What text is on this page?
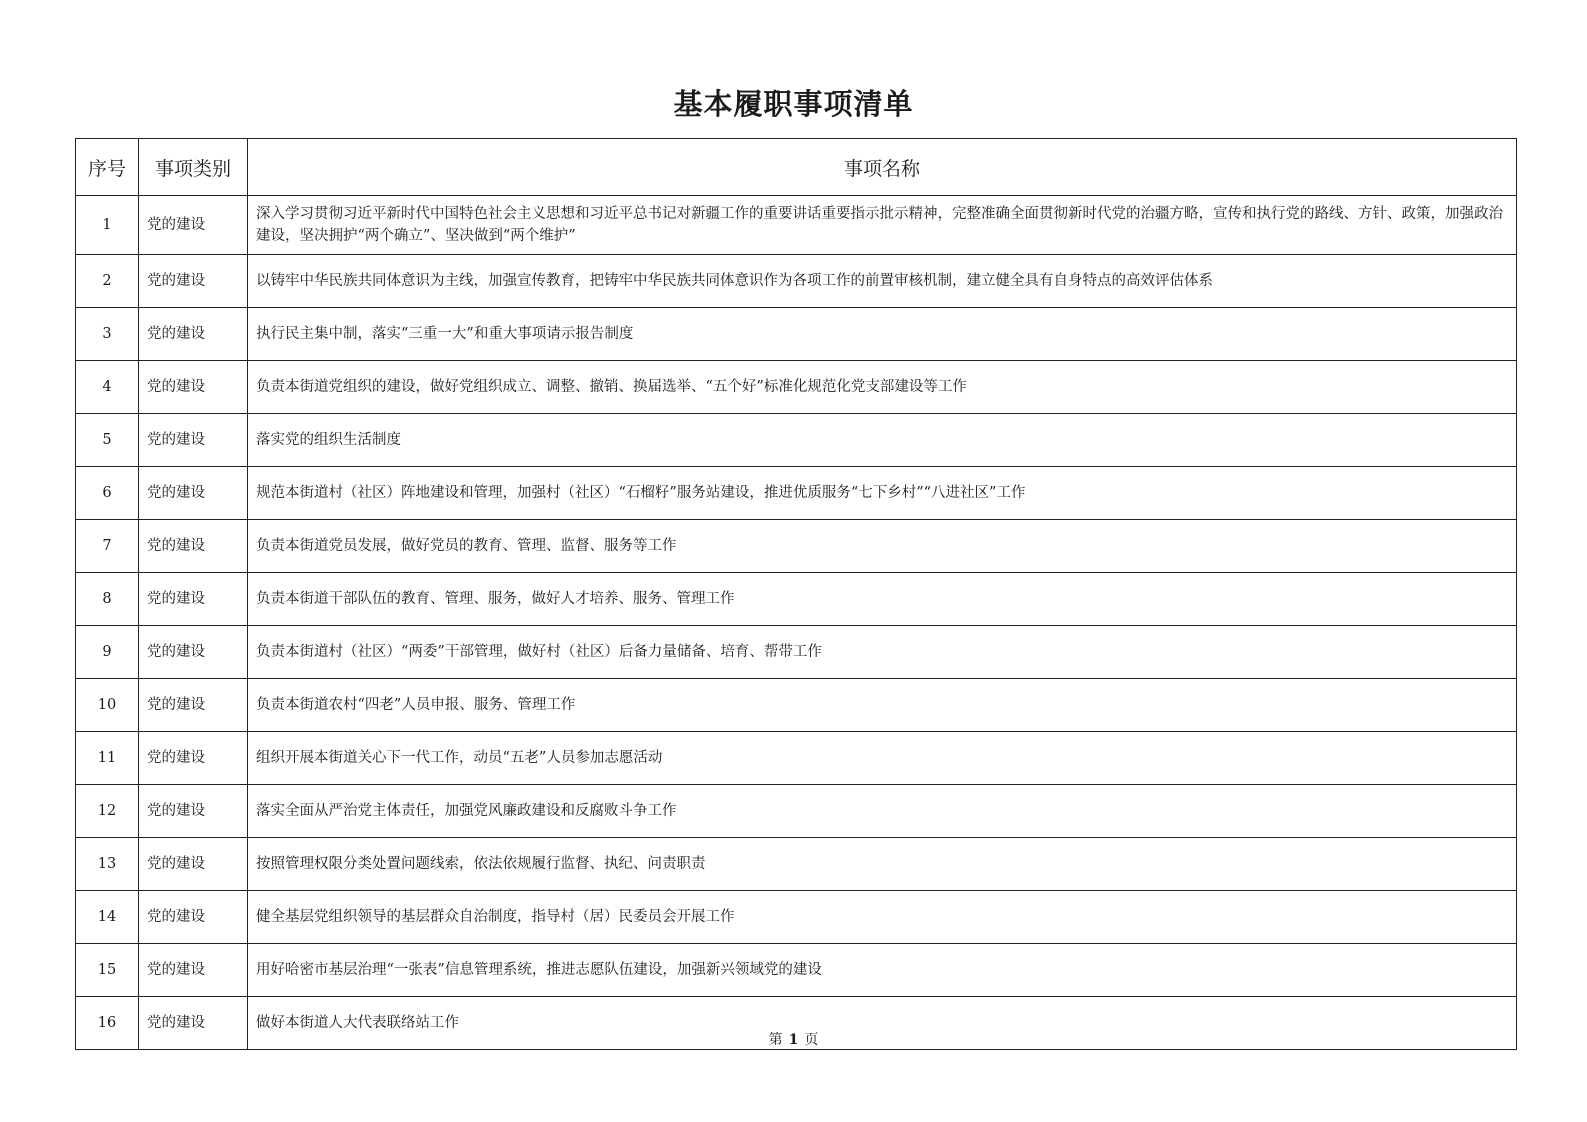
基本履职事项清单
序号	事项类别	事项名称
1	党的建设	深入学习贯彻习近平新时代中国特色社会主义思想和习近平总书记对新疆工作的重要讲话重要指示批示精神，完整准确全面贯彻新时代党的治疆方略，宣传和执行党的路线、方针、政策，加强政治建设，坚决拥护“两个确立”、坚决做到“两个维护”
2	党的建设	以铸牢中华民族共同体意识为主线，加强宣传教育，把铸牢中华民族共同体意识作为各项工作的前置审核机制，建立健全具有自身特点的高效评估体系
3	党的建设	执行民主集中制，落实“三重一大”和重大事项请示报告制度
4	党的建设	负责本街道党组织的建设，做好党组织成立、调整、撤销、换届选举、“五个好”标准化规范化党支部建设等工作
5	党的建设	落实党的组织生活制度
6	党的建设	规范本街道村（社区）阵地建设和管理，加强村（社区）“石榴籽”服务站建设，推进优质服务“七下乡村”“八进社区”工作
7	党的建设	负责本街道党员发展，做好党员的教育、管理、监督、服务等工作
8	党的建设	负责本街道干部队伍的教育、管理、服务，做好人才培养、服务、管理工作
9	党的建设	负责本街道村（社区）“两委”干部管理，做好村（社区）后备力量储备、培育、帮带工作
10	党的建设	负责本街道农村“四老”人员申报、服务、管理工作
11	党的建设	组织开展本街道关心下一代工作，动员“五老”人员参加志愿活动
12	党的建设	落实全面从严治党主体责任，加强党风廉政建设和反腐败斗争工作
13	党的建设	按照管理权限分类处置问题线索，依法依规履行监督、执纪、问责职责
14	党的建设	健全基层党组织领导的基层群众自治制度，指导村（居）民委员会开展工作
15	党的建设	用好哈密市基层治理“一张表”信息管理系统，推进志愿队伍建设，加强新兴领域党的建设
16	党的建设	做好本街道人大代表联络站工作
第 1 页
